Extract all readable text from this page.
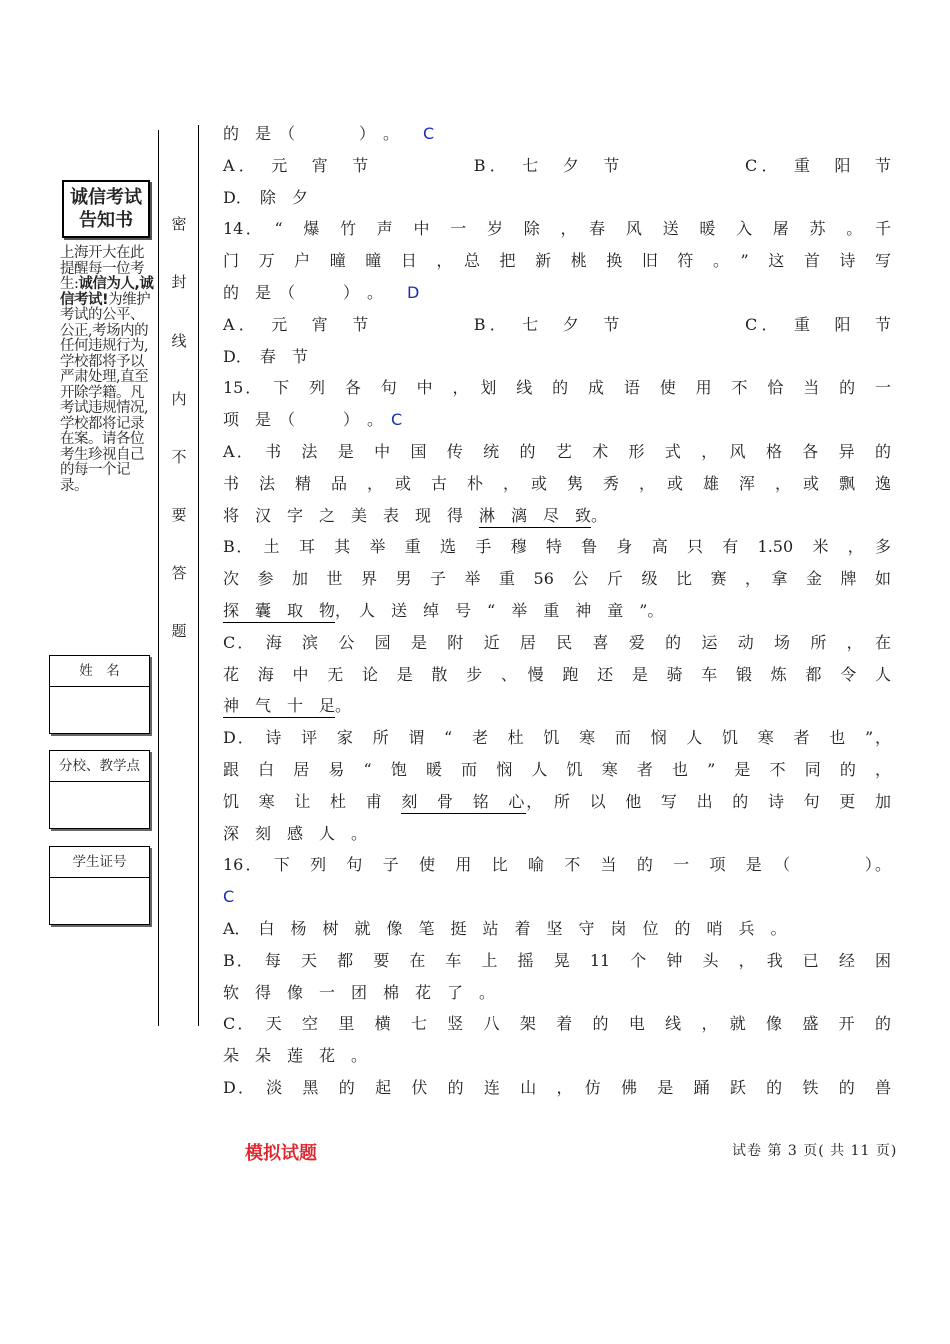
诚信考试
告知书
上海开大在此提醒每一位考生:诚信为人,诚信考试!为维护考试的公平、公正,考场内的任何违规行为,学校都将予以严肃处理,直至开除学籍。凡考试违规情况,学校都将记录在案。请各位考生珍视自己的每一个记录。
姓　名
分校、教学点
学生证号
密
封
线
内
不
要
答
题
的　是　（　　　　）　。　　C
A．　元　宵　节　　　　　B．　七　夕　节　　　　　　C．　重　阳　节
D．　除　夕
14．　“　爆　竹　声　中　一　岁　除　，　春　风　送　暖　入　屠　苏　。　千
门　万　户　曈　曈　日　，　总　把　新　桃　换　旧　符　。　”　这　首　诗　写
的　是　（　　　）　。　　D
A．　元　宵　节　　　　　B．　七　夕　节　　　　　　C．　重　阳　节
D．　春　节
15．　下　列　各　句　中　，　划　线　的　成　语　使　用　不　恰　当　的　一
项　是　（　　　）　。　C
A．　书　法　是　中　国　传　统　的　艺　术　形　式　，　风　格　各　异　的
书　法　精　品　，　或　古　朴　，　或　隽　秀　，　或　雄　浑　，　或　飘　逸
将　汉　字　之　美　表　现　得　淋　漓　尽　致。
B．　土　耳　其　举　重　选　手　穆　特　鲁　身　高　只　有　1.50　米　，　多
次　参　加　世　界　男　子　举　重　56　公　斤　级　比　赛　，　拿　金　牌　如
探　囊　取　物，　人　送　绰　号　“　举　重　神　童　”。
C．　海　滨　公　园　是　附　近　居　民　喜　爱　的　运　动　场　所　，　在
花　海　中　无　论　是　散　步　、　慢　跑　还　是　骑　车　锻　炼　都　令　人
神　气　十　足。
D．　诗　评　家　所　谓　“　老　杜　饥　寒　而　悯　人　饥　寒　者　也　”，
跟　白　居　易　“　饱　暖　而　悯　人　饥　寒　者　也　”　是　不　同　的　，
饥　寒　让　杜　甫　刻　骨　铭　心，　所　以　他　写　出　的　诗　句　更　加
深　刻　感　人　。
16．　下　列　句　子　使　用　比　喻　不　当　的　一　项　是　（　　　　）。
C
A．　白　杨　树　就　像　笔　挺　站　着　坚　守　岗　位　的　哨　兵　。
B．　每　天　都　要　在　车　上　摇　晃　11　个　钟　头　，　我　已　经　困
软　得　像　一　团　棉　花　了　。
C．　天　空　里　横　七　竖　八　架　着　的　电　线　，　就　像　盛　开　的
朵　朵　莲　花　。
D．　淡　黑　的　起　伏　的　连　山　，　仿　佛　是　踊　跃　的　铁　的　兽
模拟试题	试卷 第 3 页( 共 11 页)
